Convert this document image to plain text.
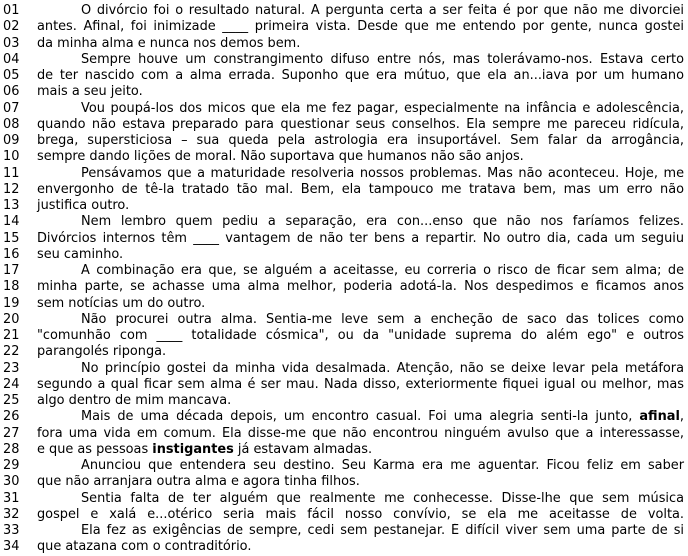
01	O divórcio foi o resultado natural. A pergunta certa a ser feita é por que não me divorciei
02	antes. Afinal, foi inimizade ____ primeira vista. Desde que me entendo por gente, nunca gostei
03	da minha alma e nunca nos demos bem.
04	Sempre houve um constrangimento difuso entre nós, mas tolerávamo-nos. Estava certo
05	de ter nascido com a alma errada. Suponho que era mútuo, que ela an...iava por um humano
06	mais a seu jeito.
07	Vou poupá-los dos micos que ela me fez pagar, especialmente na infância e adolescência,
08	quando não estava preparado para questionar seus conselhos. Ela sempre me pareceu ridícula,
09	brega, supersticiosa – sua queda pela astrologia era insuportável. Sem falar da arrogância,
10	sempre dando lições de moral. Não suportava que humanos não são anjos.
11	Pensávamos que a maturidade resolveria nossos problemas. Mas não aconteceu. Hoje, me
12	envergonho de tê-la tratado tão mal. Bem, ela tampouco me tratava bem, mas um erro não
13	justifica outro.
14	Nem lembro quem pediu a separação, era con...enso que não nos faríamos felizes.
15	Divórcios internos têm ____ vantagem de não ter bens a repartir. No outro dia, cada um seguiu
16	seu caminho.
17	A combinação era que, se alguém a aceitasse, eu correria o risco de ficar sem alma; de
18	minha parte, se achasse uma alma melhor, poderia adotá-la. Nos despedimos e ficamos anos
19	sem notícias um do outro.
20	Não procurei outra alma. Sentia-me leve sem a encheção de saco das tolices como
21	"comunhão com ____ totalidade cósmica", ou da "unidade suprema do além ego" e outros
22	parangolés riponga.
23	No princípio gostei da minha vida desalmada. Atenção, não se deixe levar pela metáfora
24	segundo a qual ficar sem alma é ser mau. Nada disso, exteriormente fiquei igual ou melhor, mas
25	algo dentro de mim mancava.
26	Mais de uma década depois, um encontro casual. Foi uma alegria senti-la junto, afinal,
27	fora uma vida em comum. Ela disse-me que não encontrou ninguém avulso que a interessasse,
28	e que as pessoas instigantes já estavam almadas.
29	Anunciou que entendera seu destino. Seu Karma era me aguentar. Ficou feliz em saber
30	que não arranjara outra alma e agora tinha filhos.
31	Sentia falta de ter alguém que realmente me conhecesse. Disse-lhe que sem música
32	gospel e xalá e...otérico seria mais fácil nosso convívio, se ela me aceitasse de volta.
33	Ela fez as exigências de sempre, cedi sem pestanejar. É difícil viver sem uma parte de si
34	que atazana com o contraditório.
